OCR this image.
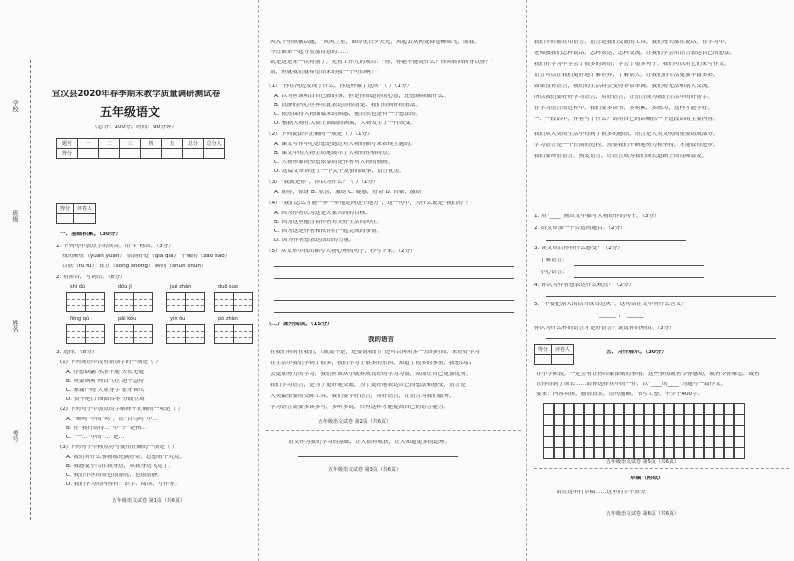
学校
班级
姓名
考号
宣汉县2020年春季期末教学质量调研测试卷
五年级语文
（总分：100分；时间：90分钟）
题号	一	二	三	四	五	总分	总分人
得分							
得分	评卷人

一、基础积累。（30分）
1. 下列句中加点字的读音，用“√”标出。（3分）
残垣断壁（yuán yuàn） 恰到好处（qià qiā） 干燥的（zào sào）
白肤（fū fú） 耸立（sǒng shǒng） 瞬间（shùn shǔn）
2. 看拼音，写词语。（8分）
shì dú	dǒu jí	jué zhàn	duō suo
fēng qù	pāi kòu	yín ǒu	pò zhàn
3. 选择。（8分）
(1) 下列词语中没有错别字的一项是（ ）
A. 浮想联翩 水泄不通 天衣无缝
B. 英姿飒爽 理直气壮 迫不急待
C. 家谕户晓 大显身手 张牙舞爪
D. 赞不绝口 囫囵吞枣 分歧立场
(2) 下列句子中加点的字解释不正确的一项是（ ）
A. “蝉鸣”中的“鸣”，在“百鸟鸣”中…
B. 在“我行动得…”中“于”是指…
C. “一…”中的“…”是…
(3) 下列句子中标点符号使用正确的一项是（ ）
A. 我们对什么事物都充满好奇，总想看个究竟。
B. 我感觉小鸟在我身边，从我身边飞走了。
C. 我们小区的景色很漂亮，也很清静。
D. 我们学习的内容有：识字、阅读、写作等。
五年级语文试卷 第1页（共6页）
风入十里纵横话题，“风风兰星，谁得见日夕天光，风起云从何处降卷柳绵飞，而我，
今日谁来一起守望那诗意的……
试是这是来一次特别了，先看工作九的项目：“你，你能不能说什么？你回转回转身以你？”
请，但就我们就希望出来的我一个可怕啊！”
（1）“你在河边发现了什么，你这样做了这回”（ ）（1分）
A. 以为应该明白自己做的事，但是你知道你的心意，还想继续做什么。
B. 沉静的内心世界在此表达得很清楚，我们得到你的看法。
C. 依然保持人物面临来的困惑，他自然也是有一个想法的。
D. 根据人物在大街上面临的困境，人物发生了一件改变。
（2）下列说法中正确的一项是（ ）（1分）
A. 课文写作中心思想是通过对人物的描写来表现主题的。
B. 课文中的人物生动地展示了人物的性格特点。
C. 人物形象的塑造依靠的是作者对人物的刻画。
D. 这篇文章讲述了一个关于友情的故事，语言优美。
（3）“我就是你”，你以为什么？（ ）（1分）
A. 期待，惊讶 B. 欣喜，激动 C. 疑惑，好奇 D. 自豪，激动
（4）“我们怎么才能一步一步地走向这个地方”，这一句中，为什么说是“我们的”？
A. 因为作者认为这是大家共同的目标。
B. 因为这里蕴含着作者对美好生活的向往。
C. 因为这是作者和伙伴们一起完成的事情。
D. 因为作者想表达团结的力量。
（5）从文章中找出描写人物心理的句子，抄写下来。（2分）
（二）课外阅读。（15分）
我的语言
在我们有时在我们，（或说不是，还要说我们）还可以再用多一点的时间，来好好学习
在生活中我们学到了很多，我们学习了很多的东西，知道了很多的事情，我想以后
会更加努力的学习，我们应该从小就养成良好的学习习惯，从而让自己更加优秀。
我们学习语言，是为了更好地交流，为了更好地表达自己的想法和感受，语言是
人类最重要的交际工具。我们要学好语言，用好语言，让语言为我们服务。
学习语言需要多读多写，多听多说，只有这样才能提高自己的语言能力。
五年级语文试卷 第2页（共6页）
语文作为我们学习的基础，让人很有收获，让人知道更多的道理。
五年级语文试卷 第3页（共6页）
我们平时都在用语言，语言是我们交流的工具。我们每天都在说话，在学习中，
老师教我们怎样说话，怎样表达，怎样交流，让我们学会用语言表达自己的想法。
我们在学习中学会了很多的词语，学会了很多句子，我们可以用它们来写作文。
语言可以让我们更好地了解世界，了解别人，让我们的生活更加丰富多彩。
如果没有语言，我们的生活将会变得非常单调，我们将无法和别人交流。
所以我们要好好学习语言，用好语言，让语言成为我们生活中的好帮手。
在学习语言的过程中，我们要多读书，多积累，多练习，这样才能学好。
一、一段话中，作者写了什么？请用自己的话概括一下这段话的主要内容。
我们从人类的生活中得到了很多的感悟，语言是人类文明的重要组成部分。
学习语言是一个长期的过程，需要我们不断地努力和坚持，才能取得进步。
我们要珍惜语言，热爱语言，让语言成为我们成长道路上的良师益友。
1. 用“____”画出文中描写人物动作的句子。（3分）
2. 给文章加一个合适的题目。（2分）
3. 读文章后你有什么感受？（2分）
了解语言：
小心语言：
4. 你认为作者想表达什么观点？（2分）
5. “不要把别人的话当成耳边风”，这句话在文中有什么含义？
“______”，“______”
你认为什么样的语言才是好语言？说说你的理由。（3分）
得分	评卷人
		五、习作展示。（30分）
在小学阶段，一定会有让你印象深刻的事情。这些事情或者令你感动，或者令你难忘，或者
让你得到了成长……请你选择其中的一件，以“____的____”为题写一篇作文。
要求：内容具体，感情真实，语句通顺，书写工整，不少于400字。
五年级语文试卷 第5页（共6页）
草稿（附纸）
请在这里打草稿……这里的字不算分。
五年级语文试卷 第6页（共6页）
